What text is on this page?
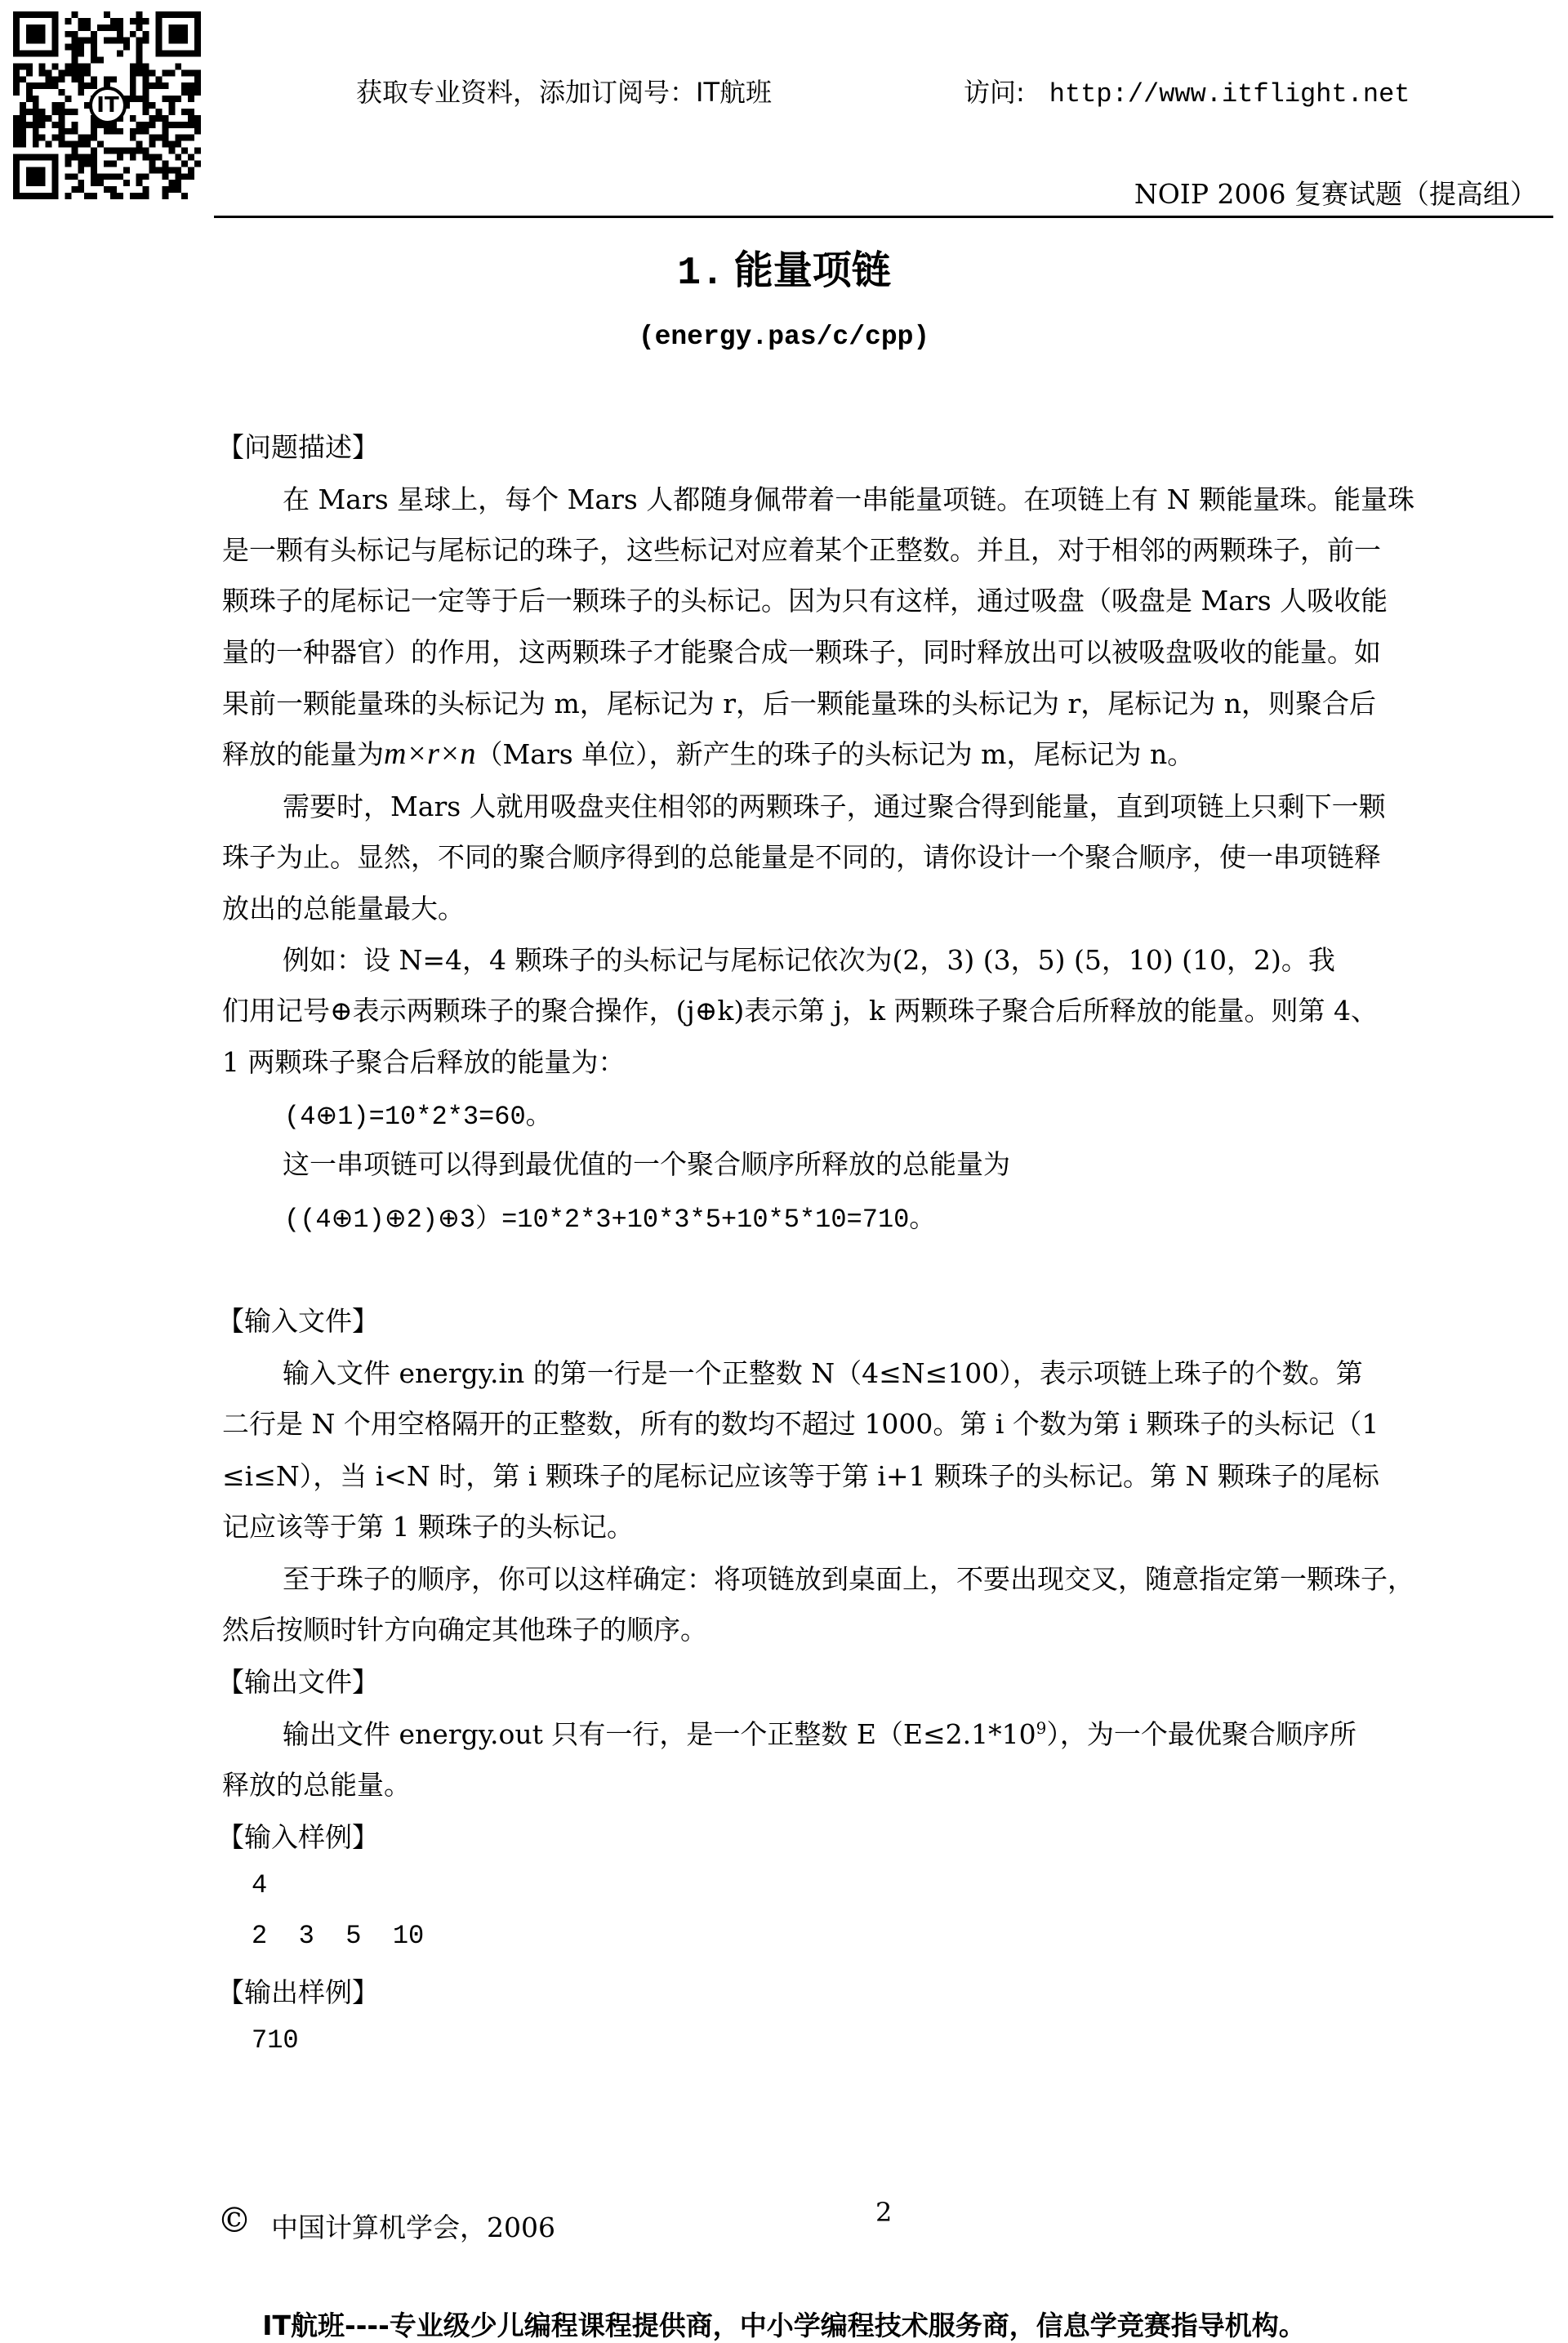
IT	获取专业资料，添加订阅号：IT航班	访问: http://www.itflight.net
NOIP 2006 复赛试题（提高组）
1. 能量项链
(energy.pas/c/cpp)
【问题描述】
在 Mars 星球上，每个 Mars 人都随身佩带着一串能量项链。在项链上有 N 颗能量珠。能量珠
是一颗有头标记与尾标记的珠子，这些标记对应着某个正整数。并且，对于相邻的两颗珠子，前一
颗珠子的尾标记一定等于后一颗珠子的头标记。因为只有这样，通过吸盘（吸盘是 Mars 人吸收能
量的一种器官）的作用，这两颗珠子才能聚合成一颗珠子，同时释放出可以被吸盘吸收的能量。如
果前一颗能量珠的头标记为 m，尾标记为 r，后一颗能量珠的头标记为 r，尾标记为 n，则聚合后
释放的能量为m×r×n（Mars 单位），新产生的珠子的头标记为 m，尾标记为 n。
需要时，Mars 人就用吸盘夹住相邻的两颗珠子，通过聚合得到能量，直到项链上只剩下一颗
珠子为止。显然，不同的聚合顺序得到的总能量是不同的，请你设计一个聚合顺序，使一串项链释
放出的总能量最大。
例如：设 N=4，4 颗珠子的头标记与尾标记依次为(2，3) (3，5) (5，10) (10，2)。我
们用记号⊕表示两颗珠子的聚合操作，(j⊕k)表示第 j，k 两颗珠子聚合后所释放的能量。则第 4、
1 两颗珠子聚合后释放的能量为：
(4⊕1)=10*2*3=60。
这一串项链可以得到最优值的一个聚合顺序所释放的总能量为
((4⊕1)⊕2)⊕3）=10*2*3+10*3*5+10*5*10=710。
【输入文件】
输入文件 energy.in 的第一行是一个正整数 N（4≤N≤100），表示项链上珠子的个数。第
二行是 N 个用空格隔开的正整数，所有的数均不超过 1000。第 i 个数为第 i 颗珠子的头标记（1
≤i≤N），当 i<N 时，第 i 颗珠子的尾标记应该等于第 i+1 颗珠子的头标记。第 N 颗珠子的尾标
记应该等于第 1 颗珠子的头标记。
至于珠子的顺序，你可以这样确定：将项链放到桌面上，不要出现交叉，随意指定第一颗珠子，
然后按顺时针方向确定其他珠子的顺序。
【输出文件】
输出文件 energy.out 只有一行，是一个正整数 $E(E\le 2.1*10^9)$，为一个最优聚合顺序所
释放的总能量。
【输入样例】
4
2  3  5  10
【输出样例】
710
2
© 中国计算机学会，2006
IT航班----专业级少儿编程课程提供商，中小学编程技术服务商，信息学竞赛指导机构。
